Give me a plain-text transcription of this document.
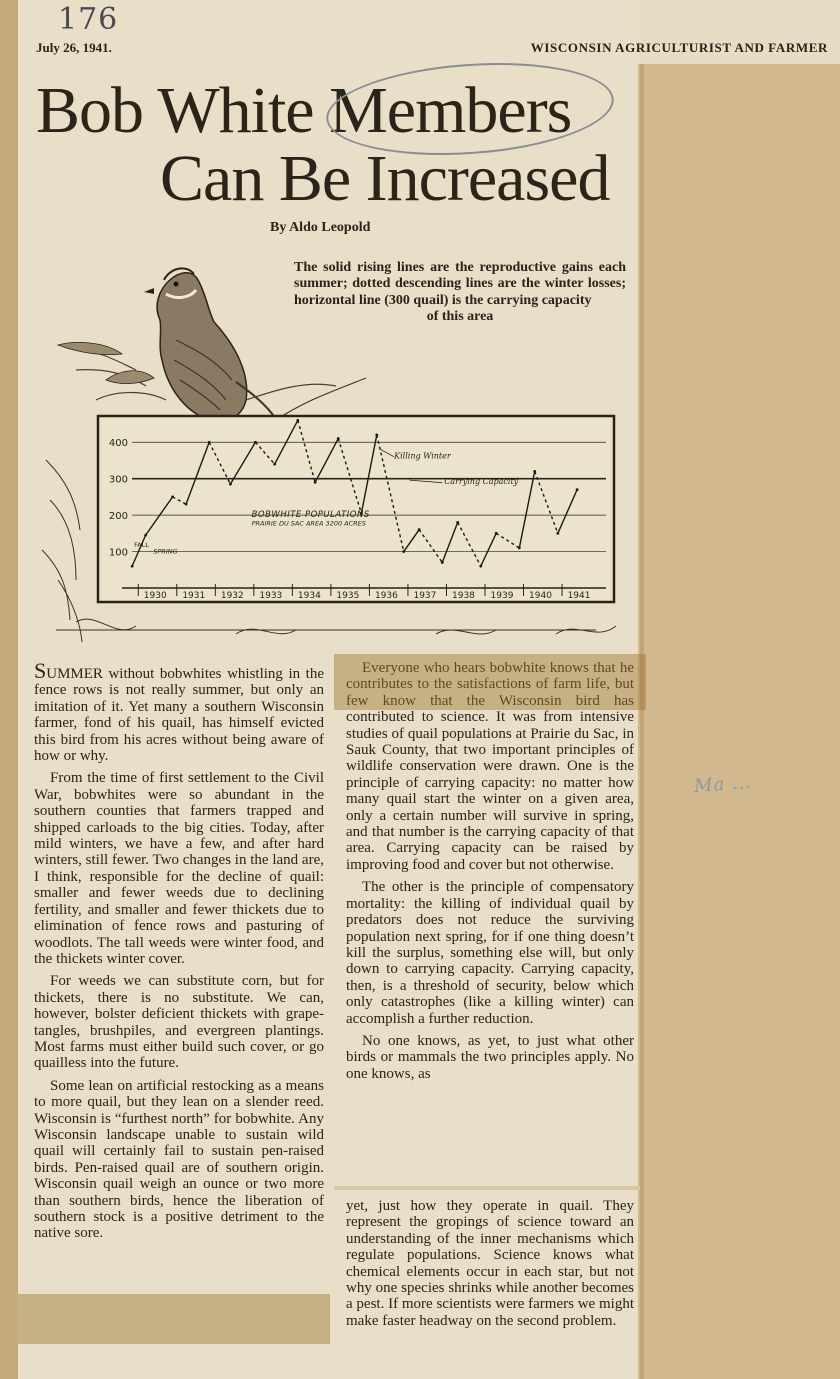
176
Ma ...
July 26, 1941.	WISCONSIN AGRICULTURIST AND FARMER
Bob White Members
Can Be Increased
By Aldo Leopold
The solid rising lines are the reproductive gains each summer; dotted descending lines are the winter losses; horizontal line (300 quail) is the carrying capacity
of this area
100
200
300
400
1930 1931 1932 1933 1934 1935 1936 1937 1938 1939 1940 1941
BOBWHITE POPULATIONS
PRAIRIE DU SAC AREA 3200 ACRES
Killing Winter
Carrying Capacity
FALL
SPRING

SUMMER without bobwhites whistling in the fence rows is not really summer, but only an imitation of it. Yet many a southern Wisconsin farmer, fond of his quail, has himself evicted this bird from his acres without being aware of how or why.

From the time of first settlement to the Civil War, bobwhites were so abundant in the southern counties that farmers trapped and shipped carloads to the big cities. Today, after mild winters, we have a few, and after hard winters, still fewer. Two changes in the land are, I think, responsible for the decline of quail: smaller and fewer weeds due to declining fertility, and smaller and fewer thickets due to elimination of fence rows and pasturing of woodlots. The tall weeds were winter food, and the thickets winter cover.

For weeds we can substitute corn, but for thickets, there is no substitute. We can, however, bolster deficient thickets with grape-tangles, brushpiles, and evergreen plantings. Most farms must either build such cover, or go quailless into the future.

Some lean on artificial restocking as a means to more quail, but they lean on a slender reed. Wisconsin is “furthest north” for bobwhite. Any Wisconsin landscape unable to sustain wild quail will certainly fail to sustain pen-raised birds. Pen-raised quail are of southern origin. Wisconsin quail weigh an ounce or two more than southern birds, hence the liberation of southern stock is a positive detriment to the native sore.

Everyone who hears bobwhite knows that he contributes to the satisfactions of farm life, but few know that the Wisconsin bird has contributed to science. It was from intensive studies of quail populations at Prairie du Sac, in Sauk County, that two important principles of wildlife conservation were drawn. One is the principle of carrying capacity: no matter how many quail start the winter on a given area, only a certain number will survive in spring, and that number is the carrying capacity of that area. Carrying capacity can be raised by improving food and cover but not otherwise.

The other is the principle of compensatory mortality: the killing of individual quail by predators does not reduce the surviving population next spring, for if one thing doesn’t kill the surplus, something else will, but only down to carrying capacity. Carrying capacity, then, is a threshold of security, below which only catastrophes (like a killing winter) can accomplish a further reduction.

No one knows, as yet, to just what other birds or mammals the two principles apply. No one knows, as

yet, just how they operate in quail. They represent the gropings of science toward an understanding of the inner mechanisms which regulate populations. Science knows what chemical elements occur in each star, but not why one species shrinks while another becomes a pest. If more scientists were farmers we might make faster headway on the second problem.
